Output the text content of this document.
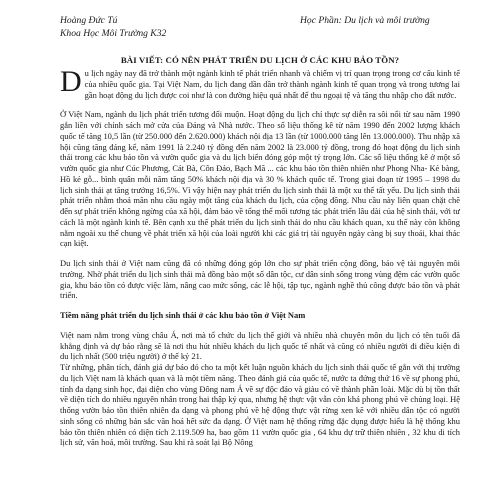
Hoàng Đức Tú
Khoa Học Môi Trường K32
Học Phần: Du lịch và môi trường
BÀI VIẾT: CÓ NÊN PHÁT TRIỂN DU LỊCH Ở CÁC KHU BẢO TỒN?

D u lịch ngày nay đã trở thành một ngành kinh tế phát triển nhanh và chiếm vị trí quan trọng trong cơ cấu kinh tế của nhiều quốc gia. Tại Việt Nam, du lịch đang dần dần trở thành ngành kinh tế quan trọng và trong tương lai gần hoạt động du lịch được coi như là con đường hiệu quả nhất để thu ngoại tệ và tăng thu nhập cho đất nước.

Ở Việt Nam, ngành du lịch phát triển tương đối muộn. Hoạt động du lịch chỉ thực sự diễn ra sôi nổi từ sau năm 1990 gắn liền với chính sách mở cửa của Đảng và Nhà nước. Theo số liệu thống kê từ năm 1990 đến 2002 lượng khách quốc tế tăng 10,5 lần (từ 250.000 đến 2.620.000) khách nội địa 13 lần (từ 1000.000 tăng lên 13.000.000). Thu nhập xã hội cũng tăng đáng kể, năm 1991 là 2.240 tỷ đồng đến năm 2002 là 23.000 tỷ đồng, trong đó hoạt động du lịch sinh thái trong các khu bảo tồn và vườn quốc gia và du lịch biển đóng góp một tỷ trọng lớn. Các số liệu thống kê ở một số vườn quốc gia như Cúc Phương, Cát Bà, Côn Đảo, Bạch Mã ... các khu bảo tồn thiên nhiên như Phong Nha- Kẻ bàng, Hồ kẻ gỗ... bình quân mỗi năm tăng 50% khách nội địa và 30 % khách quốc tế. Trong giai đoạn từ 1995 – 1998 du lịch sinh thái ạt tăng trưởng 16,5%. Vì vậy hiện nay phát triển du lịch sinh thái là một xu thế tất yếu. Du lịch sinh thái phát triển nhằm thoả mãn nhu cầu ngày một tăng của khách du lịch, của cộng đồng. Nhu cầu này liên quan chặt chẽ đến sự phát triển không ngừng của xã hội, đảm bảo về tổng thể mối tương tác phát triển lâu dài của hệ sinh thái, với tư cách là một ngành kinh tế. Bên cạnh xu thế phát triển du lịch sinh thái do nhu cầu khách quan, xu thế này còn không nằm ngoài xu thế chung về phát triển xã hội của loài người khi các giá trị tài nguyên ngày càng bị suy thoái, khai thác cạn kiệt.

Du lịch sinh thái ở Việt nam cũng đã có những đóng góp lớn cho sự phát triển cộng đồng, bảo vệ tài nguyên môi trường. Nhờ phát triển du lịch sinh thái mà đồng bào một số dân tộc, cư dân sinh sống trong vùng đệm các vườn quốc gia, khu bảo tồn có được việc làm, nâng cao mức sống, các lễ hội, tập tục, ngành nghề thủ công được bảo tồn và phát triển.

Tiềm năng phát triển du lịch sinh thái ở các khu bảo tồn ở Việt Nam

Việt nam nằm trong vùng châu Á, nơi mà tổ chức du lịch thế giới và nhiều nhà chuyên môn du lịch có tên tuổi đã khẳng định và dự báo rằng sẽ là nơi thu hút nhiều khách du lịch quốc tế nhất và cũng có nhiều người đi điều kiện đi du lịch nhất (500 triệu người) ở thế kỷ 21.

Từ những, phân tích, đánh giá dự báo đó cho ta một kết luận nguồn khách du lịch sinh thái quốc tế gắn với thị trường du lịch Việt nam là khách quan và là một tiềm năng. Theo đánh giá của quốc tế, nước ta đứng thứ 16 về sự phong phú, tính đa dạng sinh học, đại diện cho vùng Đông nam Á về sự độc đáo và giàu có về thành phần loài. Mặc dù bị tồn thất về diện tích do nhiều nguyên nhân trong hai thập kỷ qua, nhưng hệ thực vật vẫn còn khá phong phú về chủng loại. Hệ thống vườn bảo tồn thiên nhiên đa dạng và phong phú về hệ động thực vật rừng xen kẽ với nhiều dân tộc có người sinh sống có những bản sắc văn hoá hết sức đa dạng. Ở Việt nam hệ thống rừng đặc dụng được hiểu là hệ thống khu bảo tồn thiên nhiên có diện tích 2.119.509 ha, bao gồm 11 vườn quốc gia , 64 khu dự trữ thiên nhiên , 32 khu di tích lịch sử, văn hoá, môi trường. Sau khi rà soát lại Bộ Nông
